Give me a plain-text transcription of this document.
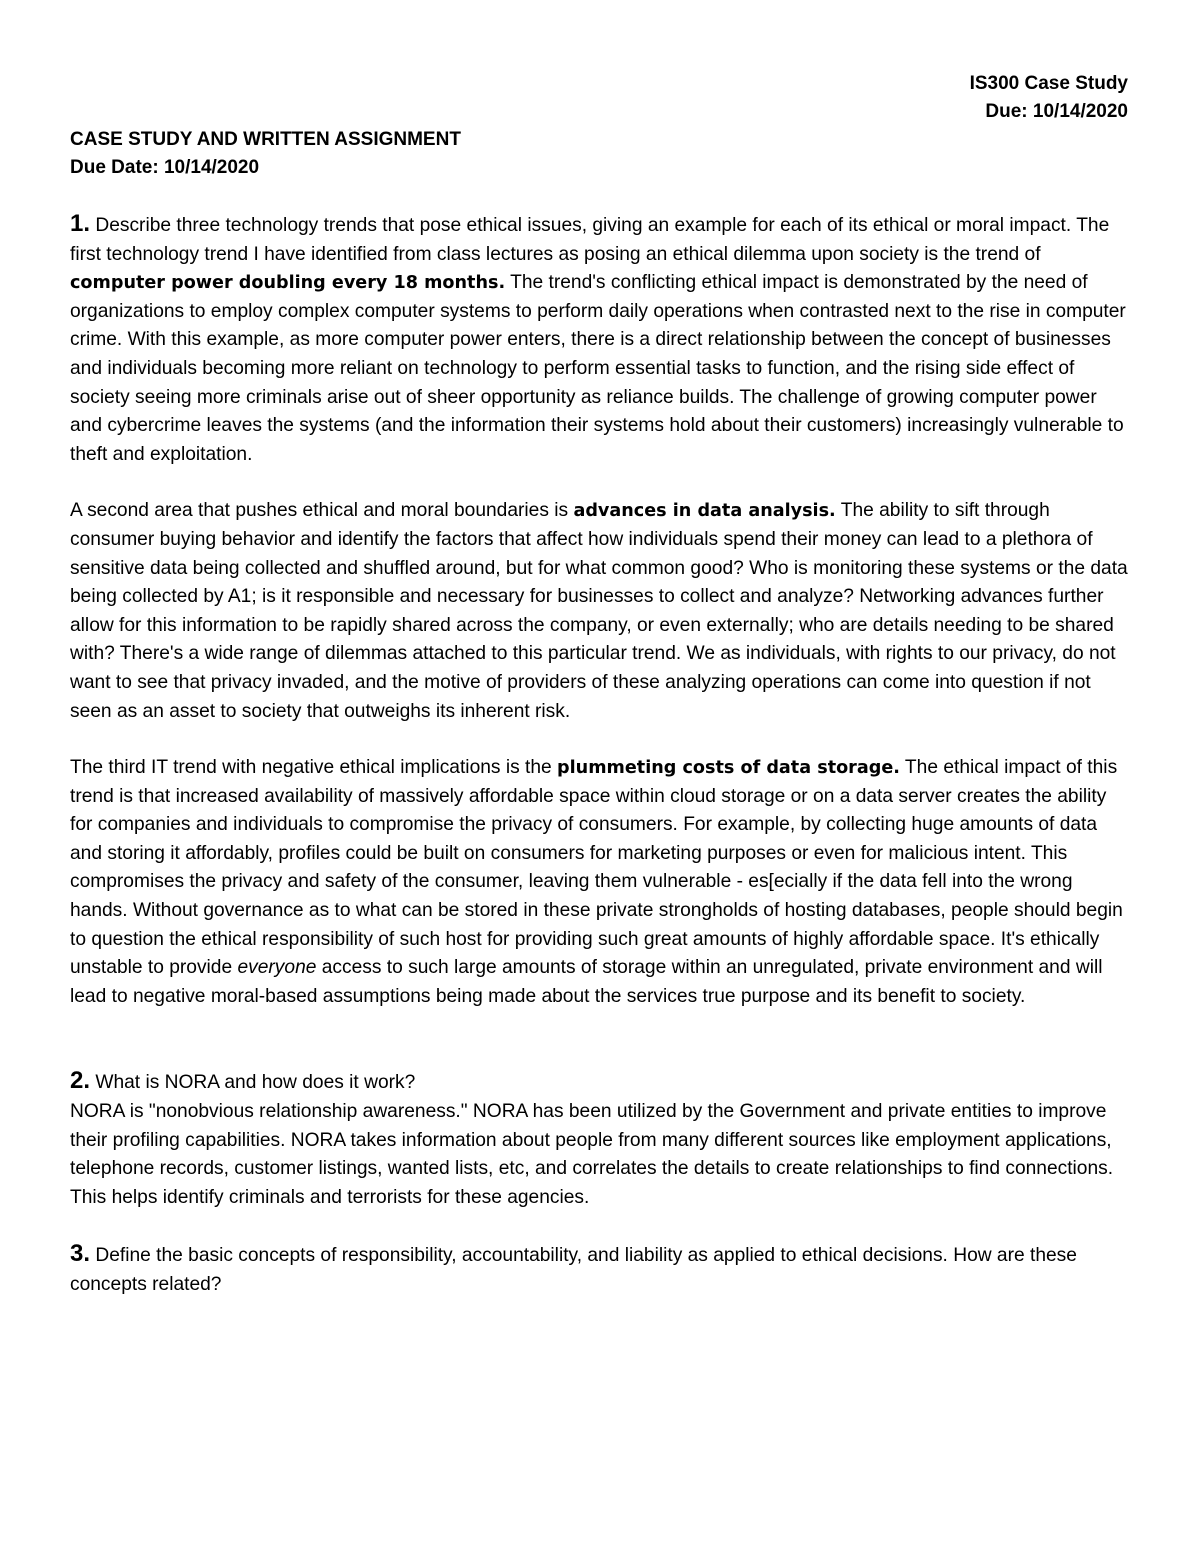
IS300 Case Study
Due: 10/14/2020
CASE STUDY AND WRITTEN ASSIGNMENT
Due Date: 10/14/2020

1. Describe three technology trends that pose ethical issues, giving an example for each of its ethical or moral impact. The first technology trend I have identified from class lectures as posing an ethical dilemma upon society is the trend of computer power doubling every 18 months. The trend's conflicting ethical impact is demonstrated by the need of organizations to employ complex computer systems to perform daily operations when contrasted next to the rise in computer crime. With this example, as more computer power enters, there is a direct relationship between the concept of businesses and individuals becoming more reliant on technology to perform essential tasks to function, and the rising side effect of society seeing more criminals arise out of sheer opportunity as reliance builds. The challenge of growing computer power and cybercrime leaves the systems (and the information their systems hold about their customers) increasingly vulnerable to theft and exploitation.

A second area that pushes ethical and moral boundaries is advances in data analysis. The ability to sift through consumer buying behavior and identify the factors that affect how individuals spend their money can lead to a plethora of sensitive data being collected and shuffled around, but for what common good? Who is monitoring these systems or the data being collected by A1; is it responsible and necessary for businesses to collect and analyze? Networking advances further allow for this information to be rapidly shared across the company, or even externally; who are details needing to be shared with? There's a wide range of dilemmas attached to this particular trend. We as individuals, with rights to our privacy, do not want to see that privacy invaded, and the motive of providers of these analyzing operations can come into question if not seen as an asset to society that outweighs its inherent risk.

The third IT trend with negative ethical implications is the plummeting costs of data storage. The ethical impact of this trend is that increased availability of massively affordable space within cloud storage or on a data server creates the ability for companies and individuals to compromise the privacy of consumers. For example, by collecting huge amounts of data and storing it affordably, profiles could be built on consumers for marketing purposes or even for malicious intent. This compromises the privacy and safety of the consumer, leaving them vulnerable - es[ecially if the data fell into the wrong hands. Without governance as to what can be stored in these private strongholds of hosting databases, people should begin to question the ethical responsibility of such host for providing such great amounts of highly affordable space. It's ethically unstable to provide everyone access to such large amounts of storage within an unregulated, private environment and will lead to negative moral-based assumptions being made about the services true purpose and its benefit to society.

2. What is NORA and how does it work?

NORA is "nonobvious relationship awareness." NORA has been utilized by the Government and private entities to improve their profiling capabilities. NORA takes information about people from many different sources like employment applications, telephone records, customer listings, wanted lists, etc, and correlates the details to create relationships to find connections. This helps identify criminals and terrorists for these agencies.

3. Define the basic concepts of responsibility, accountability, and liability as applied to ethical decisions. How are these concepts related?
